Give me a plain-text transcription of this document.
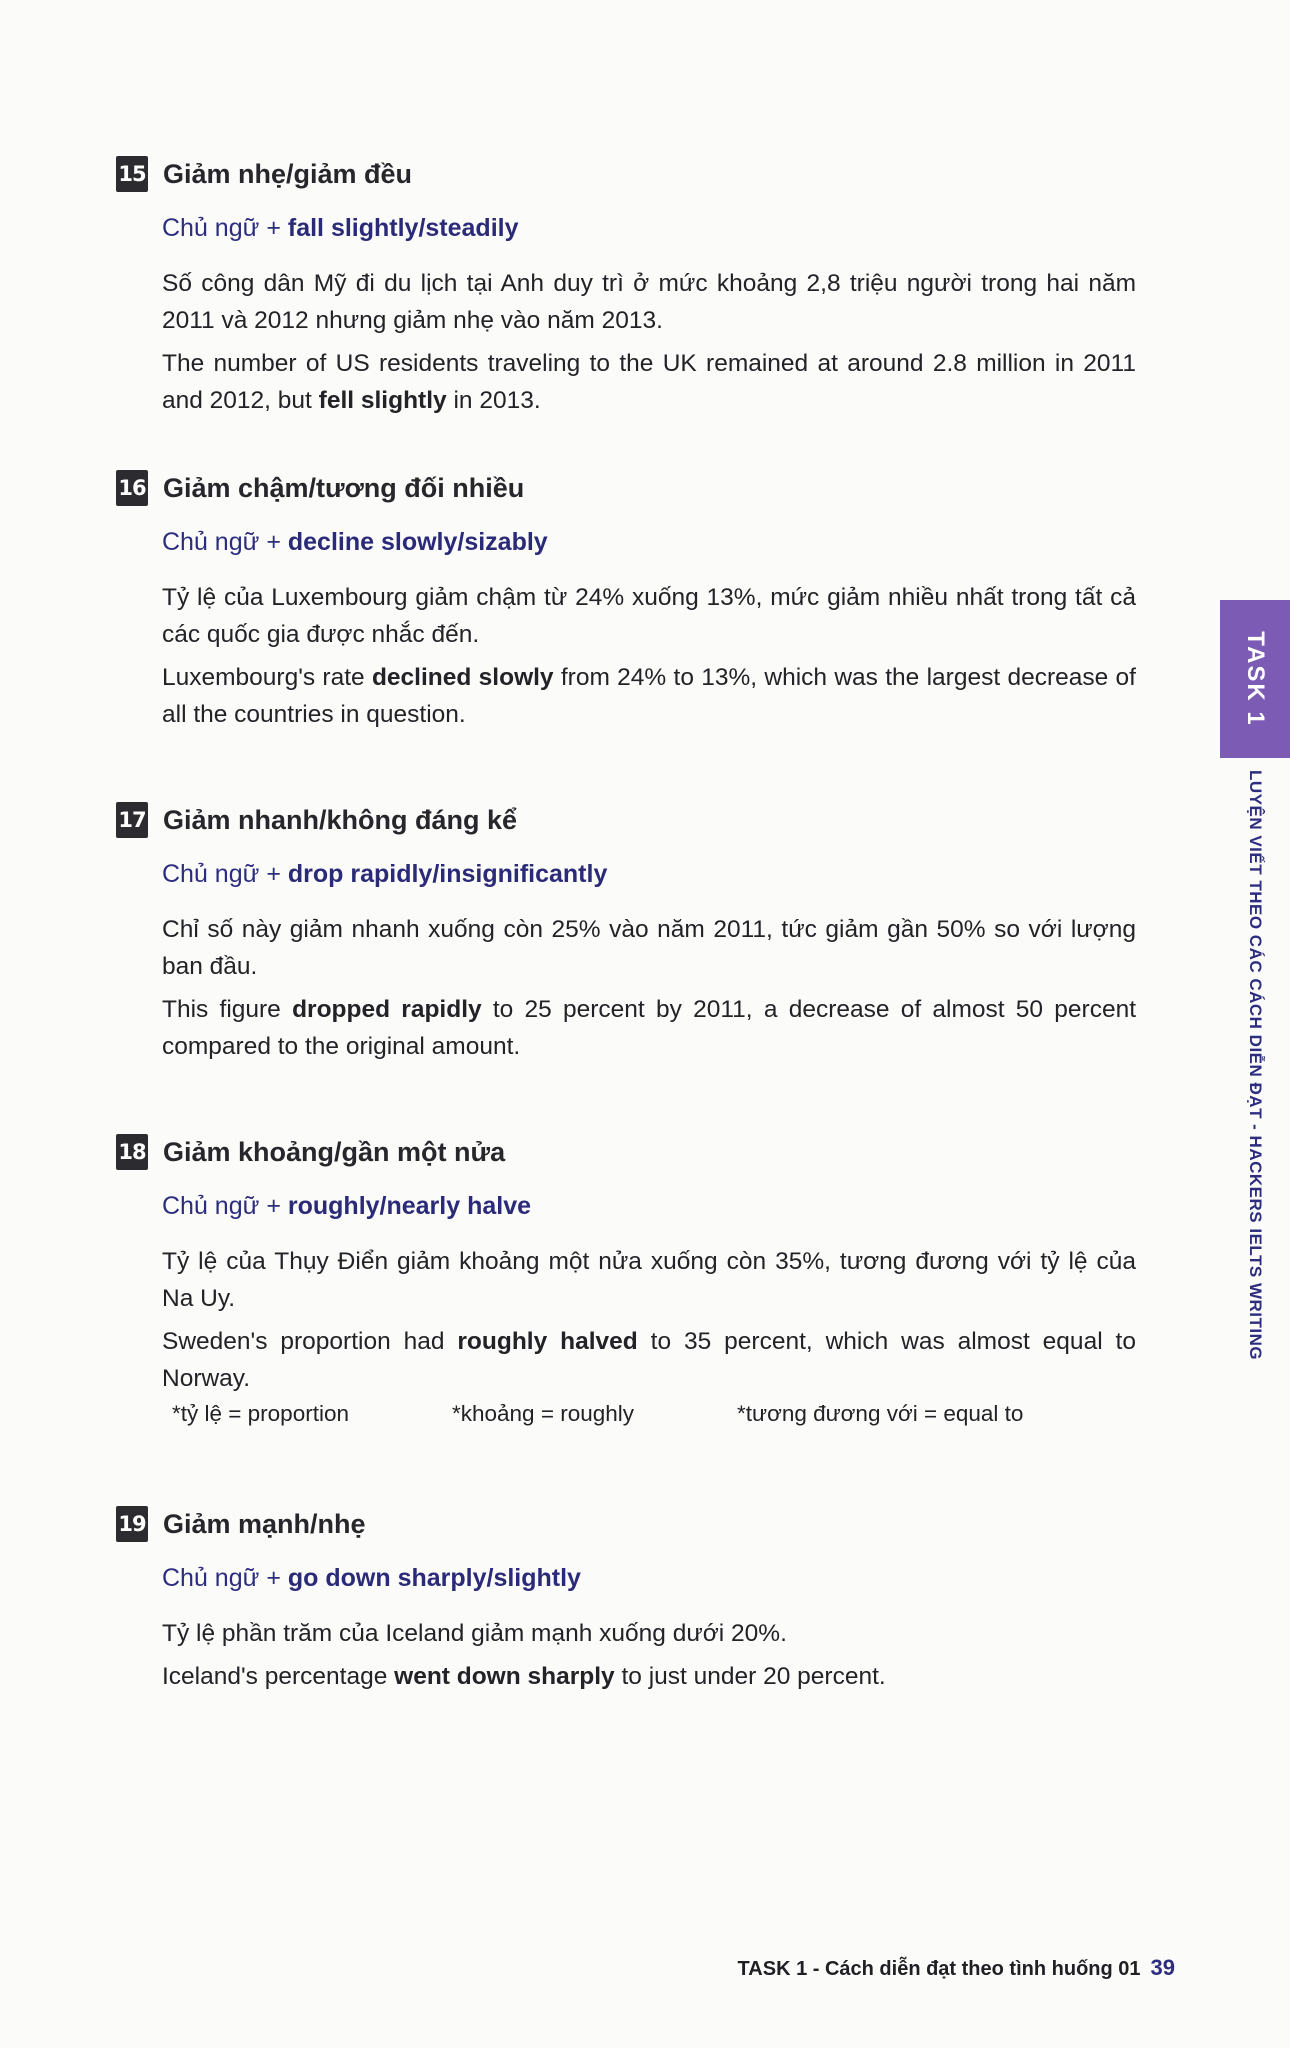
15 Giảm nhẹ/giảm đều
Chủ ngữ + fall slightly/steadily
Số công dân Mỹ đi du lịch tại Anh duy trì ở mức khoảng 2,8 triệu người trong hai năm 2011 và 2012 nhưng giảm nhẹ vào năm 2013.
The number of US residents traveling to the UK remained at around 2.8 million in 2011 and 2012, but fell slightly in 2013.
16 Giảm chậm/tương đối nhiều
Chủ ngữ + decline slowly/sizably
Tỷ lệ của Luxembourg giảm chậm từ 24% xuống 13%, mức giảm nhiều nhất trong tất cả các quốc gia được nhắc đến.
Luxembourg's rate declined slowly from 24% to 13%, which was the largest decrease of all the countries in question.
17 Giảm nhanh/không đáng kể
Chủ ngữ + drop rapidly/insignificantly
Chỉ số này giảm nhanh xuống còn 25% vào năm 2011, tức giảm gần 50% so với lượng ban đầu.
This figure dropped rapidly to 25 percent by 2011, a decrease of almost 50 percent compared to the original amount.
18 Giảm khoảng/gần một nửa
Chủ ngữ + roughly/nearly halve
Tỷ lệ của Thụy Điển giảm khoảng một nửa xuống còn 35%, tương đương với tỷ lệ của Na Uy.
Sweden's proportion had roughly halved to 35 percent, which was almost equal to Norway.
*tỷ lệ = proportion	*khoảng = roughly	*tương đương với = equal to
19 Giảm mạnh/nhẹ
Chủ ngữ + go down sharply/slightly
Tỷ lệ phần trăm của Iceland giảm mạnh xuống dưới 20%.
Iceland's percentage went down sharply to just under 20 percent.
TASK 1
LUYỆN VIẾT THEO CÁC CÁCH DIỄN ĐẠT - HACKERS IELTS WRITING
TASK 1 - Cách diễn đạt theo tình huống 01 39
